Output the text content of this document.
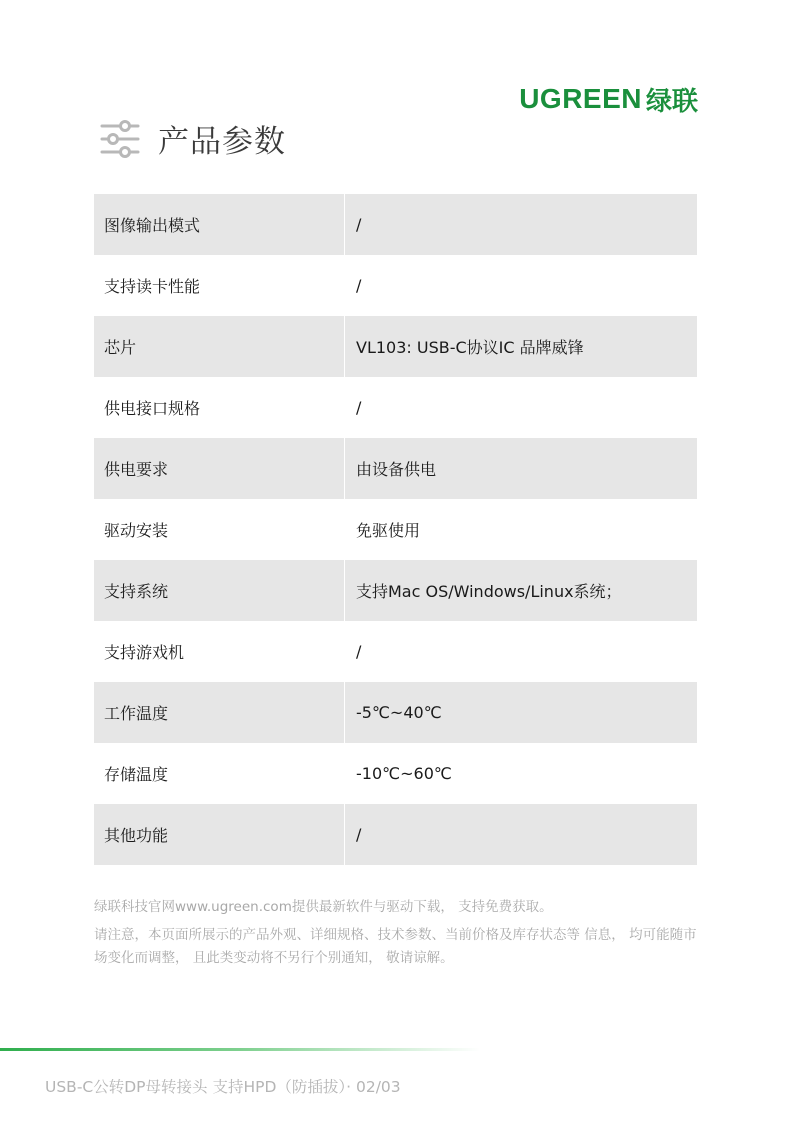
UGREEN 绿联
产品参数
图像输出模式	/
支持读卡性能	/
芯片	VL103: USB-C协议IC 品牌威锋
供电接口规格	/
供电要求	由设备供电
驱动安装	免驱使用
支持系统	支持Mac OS/Windows/Linux系统；
支持游戏机	/
工作温度	-5℃~40℃
存储温度	-10℃~60℃
其他功能	/
绿联科技官网www.ugreen.com提供最新软件与驱动下载， 支持免费获取。
请注意，本页面所展示的产品外观、详细规格、技术参数、当前价格及库存状态等 信息， 均可能随市场变化而调整， 且此类变动将不另行个别通知， 敬请谅解。
USB-C公转DP母转接头 支持HPD（防插拔）· 02/03
